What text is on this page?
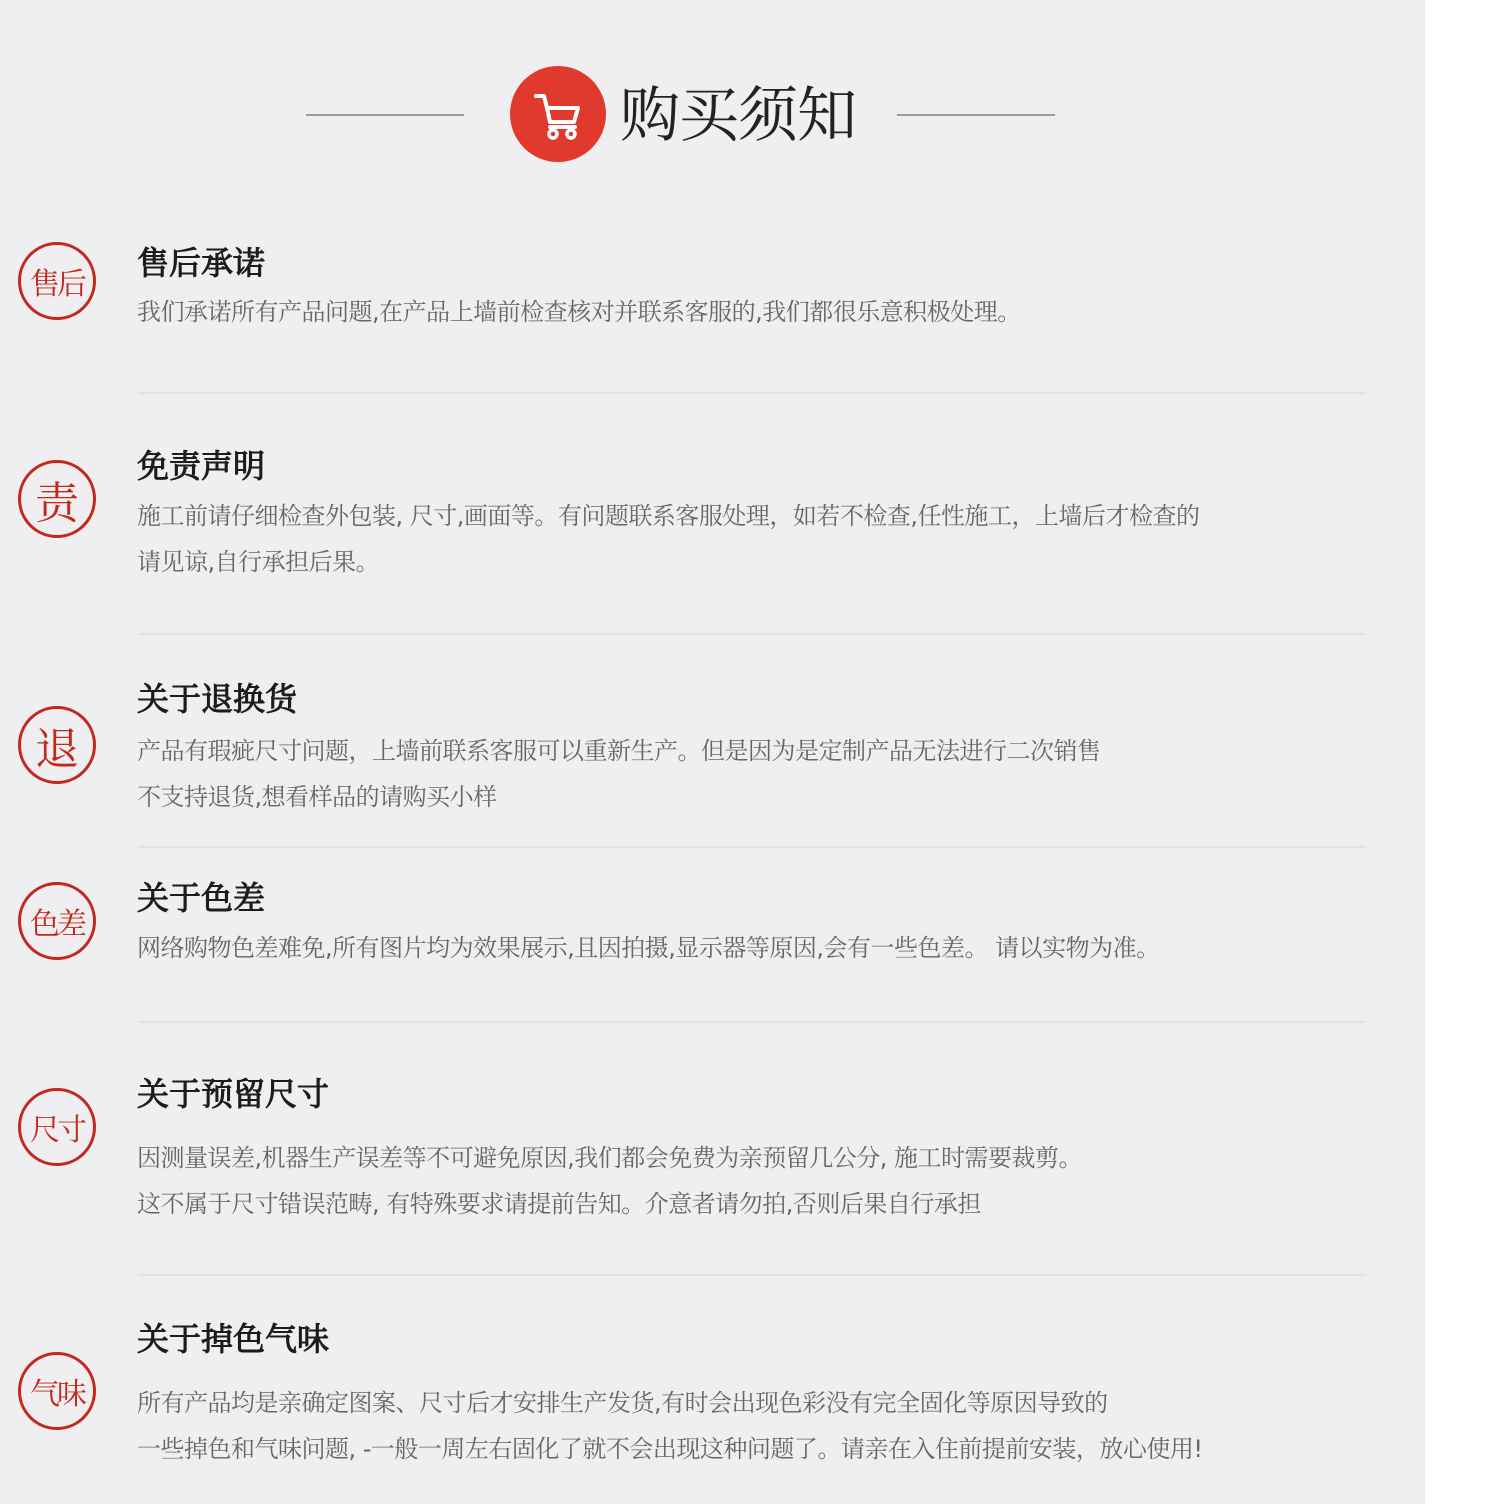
购买须知
售后
售后承诺
我们承诺所有产品问题,在产品上墙前检查核对并联系客服的,我们都很乐意积极处理。
责
免责声明
施工前请仔细检查外包装, 尺寸,画面等。有问题联系客服处理，如若不检查,任性施工，上墙后才检查的
请见谅,自行承担后果。
退
关于退换货
产品有瑕疵尺寸问题，上墙前联系客服可以重新生产。但是因为是定制产品无法进行二次销售
不支持退货,想看样品的请购买小样
色差
关于色差
网络购物色差难免,所有图片均为效果展示,且因拍摄,显示器等原因,会有一些色差。 请以实物为准。
尺寸
关于预留尺寸
因测量误差,机器生产误差等不可避免原因,我们都会免费为亲预留几公分, 施工时需要裁剪。
这不属于尺寸错误范畴, 有特殊要求请提前告知。介意者请勿拍,否则后果自行承担
气味
关于掉色气味
所有产品均是亲确定图案、尺寸后才安排生产发货,有时会出现色彩没有完全固化等原因导致的
一些掉色和气味问题, -一般一周左右固化了就不会出现这种问题了。请亲在入住前提前安装，放心使用!
